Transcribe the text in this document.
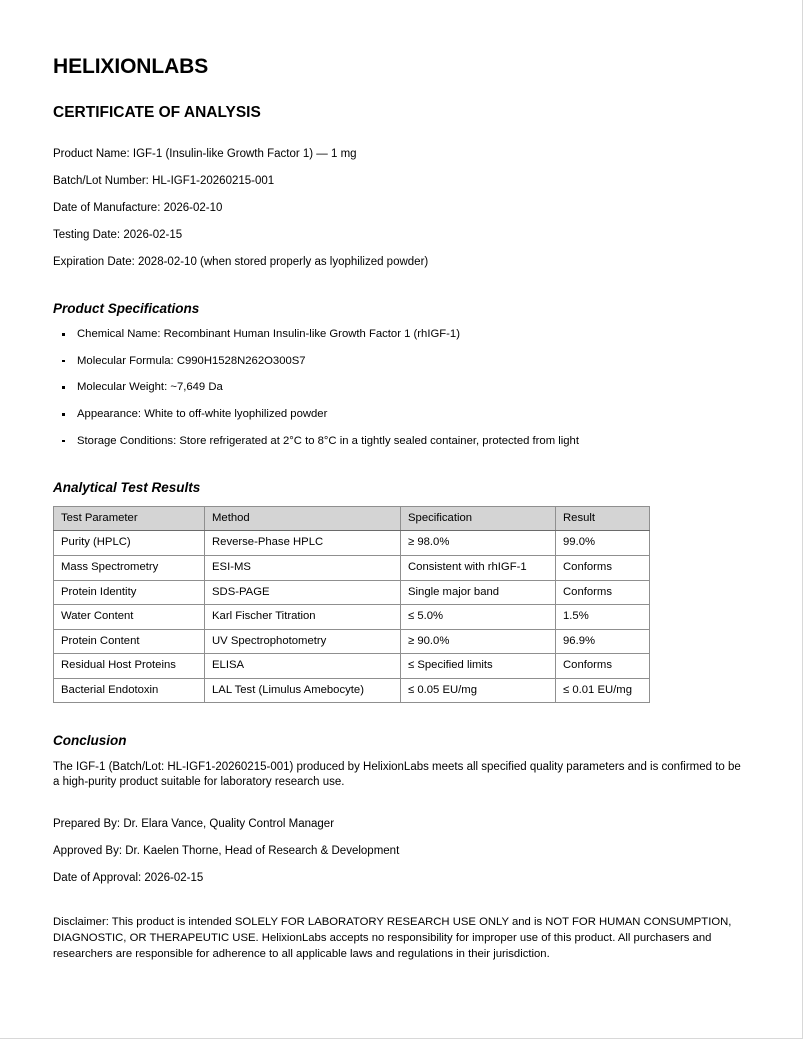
HELIXIONLABS
CERTIFICATE OF ANALYSIS
Product Name: IGF-1 (Insulin-like Growth Factor 1) — 1 mg
Batch/Lot Number: HL-IGF1-20260215-001
Date of Manufacture: 2026-02-10
Testing Date: 2026-02-15
Expiration Date: 2028-02-10 (when stored properly as lyophilized powder)
Product Specifications
Chemical Name: Recombinant Human Insulin-like Growth Factor 1 (rhIGF-1)
Molecular Formula: C990H1528N262O300S7
Molecular Weight: ~7,649 Da
Appearance: White to off-white lyophilized powder
Storage Conditions: Store refrigerated at 2°C to 8°C in a tightly sealed container, protected from light
Analytical Test Results
Test Parameter	Method	Specification	Result
Purity (HPLC)	Reverse-Phase HPLC	≥ 98.0%	99.0%
Mass Spectrometry	ESI-MS	Consistent with rhIGF-1	Conforms
Protein Identity	SDS-PAGE	Single major band	Conforms
Water Content	Karl Fischer Titration	≤ 5.0%	1.5%
Protein Content	UV Spectrophotometry	≥ 90.0%	96.9%
Residual Host Proteins	ELISA	≤ Specified limits	Conforms
Bacterial Endotoxin	LAL Test (Limulus Amebocyte)	≤ 0.05 EU/mg	≤ 0.01 EU/mg
Conclusion

The IGF-1 (Batch/Lot: HL-IGF1-20260215-001) produced by HelixionLabs meets all specified quality parameters and is confirmed to be a high-purity product suitable for laboratory research use.

Prepared By: Dr. Elara Vance, Quality Control Manager
Approved By: Dr. Kaelen Thorne, Head of Research & Development
Date of Approval: 2026-02-15

Disclaimer: This product is intended SOLELY FOR LABORATORY RESEARCH USE ONLY and is NOT FOR HUMAN CONSUMPTION, DIAGNOSTIC, OR THERAPEUTIC USE. HelixionLabs accepts no responsibility for improper use of this product. All purchasers and researchers are responsible for adherence to all applicable laws and regulations in their jurisdiction.
